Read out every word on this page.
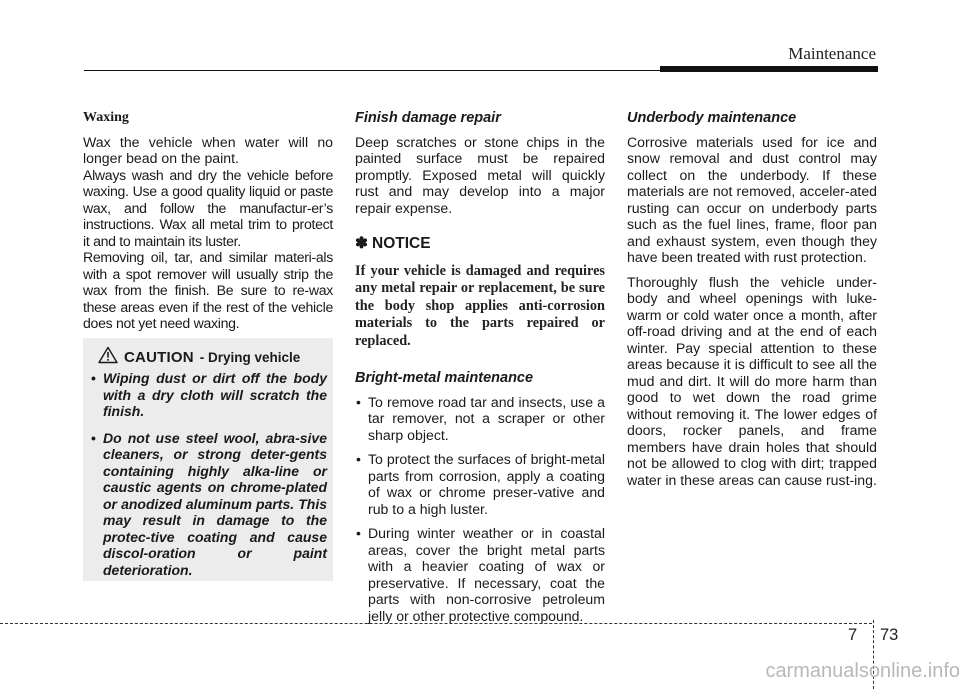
Maintenance

Waxing

Wax the vehicle when water will no longer bead on the paint.

Always wash and dry the vehicle before waxing. Use a good quality liquid or paste wax, and follow the manufactur-er’s instructions. Wax all metal trim to protect it and to maintain its luster.

Removing oil, tar, and similar materi-als with a spot remover will usually strip the wax from the finish. Be sure to re-wax these areas even if the rest of the vehicle does not yet need waxing.

CAUTION - Drying vehicle
• Wiping dust or dirt off the body with a dry cloth will scratch the finish.
• Do not use steel wool, abra-sive cleaners, or strong deter-gents containing highly alka-line or caustic agents on chrome-plated or anodized aluminum parts. This may result in damage to the protec-tive coating and cause discol-oration or paint deterioration.

Finish damage repair

Deep scratches or stone chips in the painted surface must be repaired promptly. Exposed metal will quickly rust and may develop into a major repair expense.

✽ NOTICE

If your vehicle is damaged and requires any metal repair or replacement, be sure the body shop applies anti-corrosion materials to the parts repaired or replaced.

Bright-metal maintenance

• To remove road tar and insects, use a tar remover, not a scraper or other sharp object.
• To protect the surfaces of bright-metal parts from corrosion, apply a coating of wax or chrome preser-vative and rub to a high luster.
• During winter weather or in coastal areas, cover the bright metal parts with a heavier coating of wax or preservative. If necessary, coat the parts with non-corrosive petroleum jelly or other protective compound.

Underbody maintenance

Corrosive materials used for ice and snow removal and dust control may collect on the underbody. If these materials are not removed, acceler-ated rusting can occur on underbody parts such as the fuel lines, frame, floor pan and exhaust system, even though they have been treated with rust protection.

Thoroughly flush the vehicle under-body and wheel openings with luke-warm or cold water once a month, after off-road driving and at the end of each winter. Pay special attention to these areas because it is difficult to see all the mud and dirt. It will do more harm than good to wet down the road grime without removing it. The lower edges of doors, rocker panels, and frame members have drain holes that should not be allowed to clog with dirt; trapped water in these areas can cause rust-ing.

7 73
carmanualsonline.info
